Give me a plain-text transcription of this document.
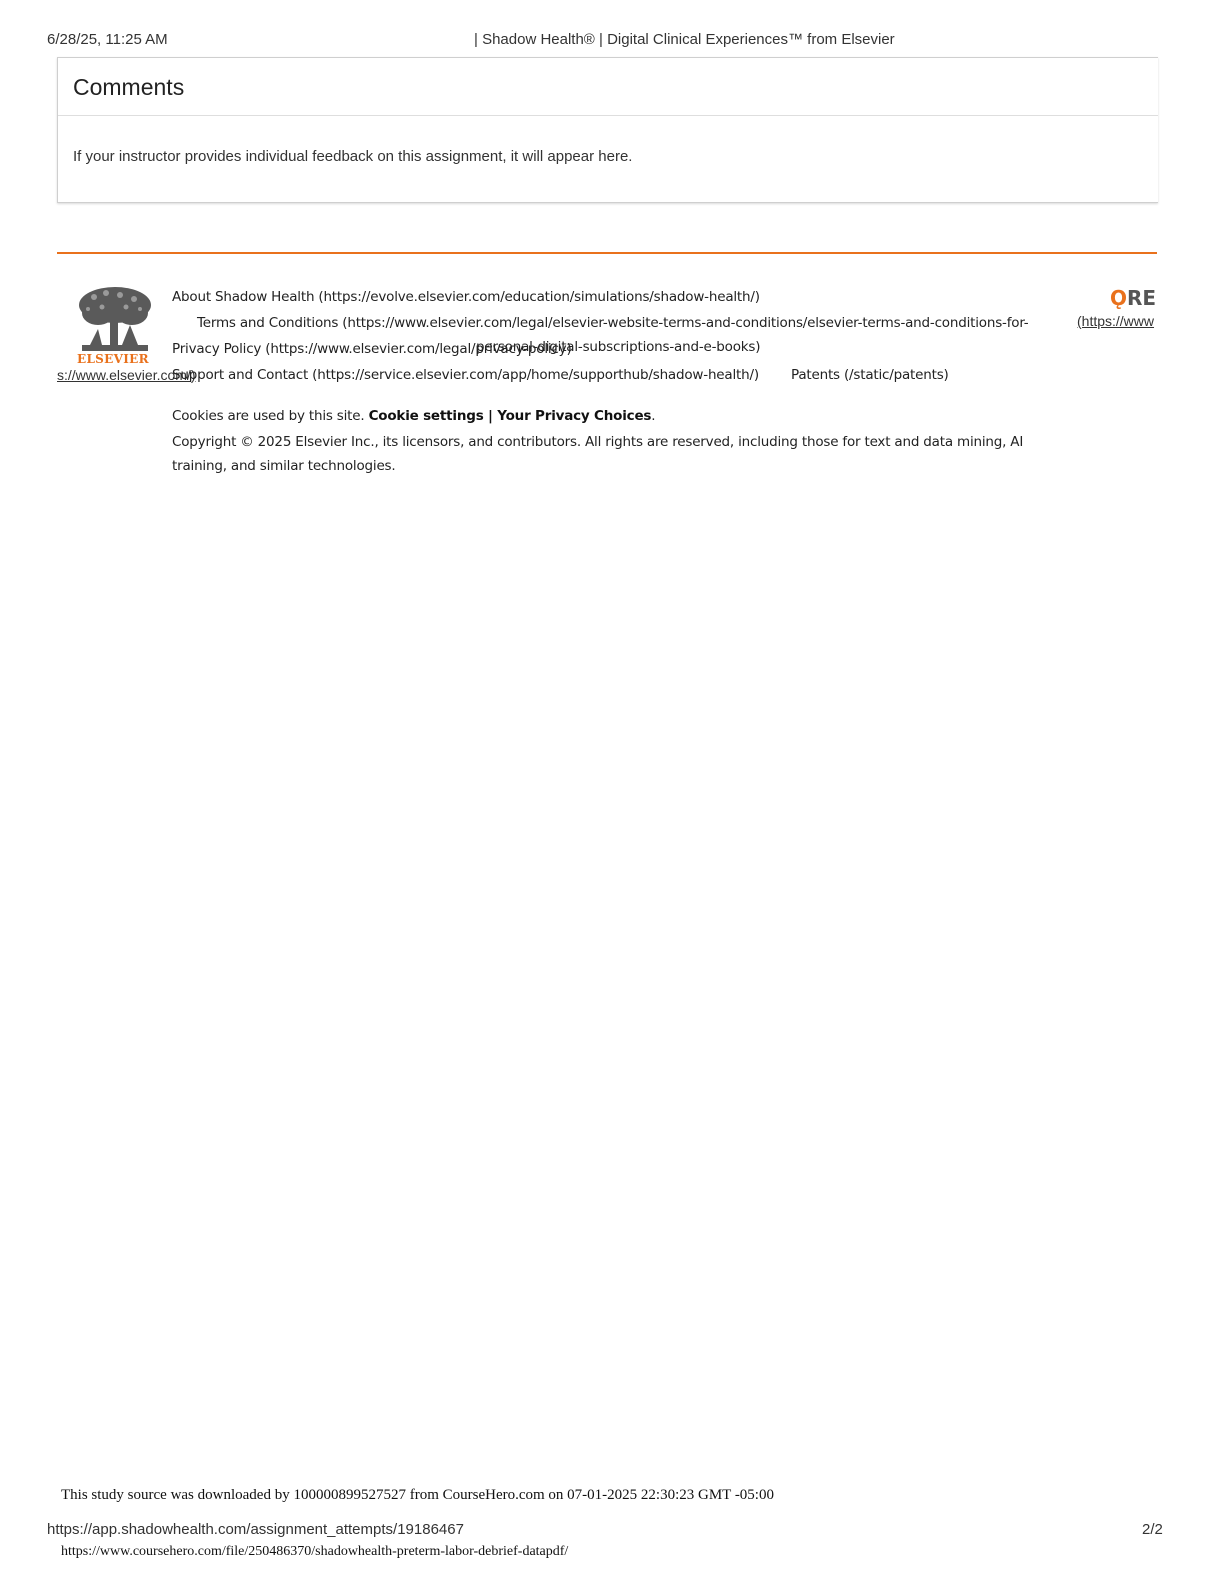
6/28/25, 11:25 AM	| Shadow Health® | Digital Clinical Experiences™ from Elsevier
Comments
If your instructor provides individual feedback on this assignment, it will appear here.
ELSEVIER
s://www.elsevier.com/)
About Shadow Health (https://evolve.elsevier.com/education/simulations/shadow-health/)
Terms and Conditions (https://www.elsevier.com/legal/elsevier-website-terms-and-conditions/elsevier-terms-and-conditions-for-
personal-digital-subscriptions-and-e-books)
Privacy Policy (https://www.elsevier.com/legal/privacy-policy)
Support and Contact (https://service.elsevier.com/app/home/supporthub/shadow-health/) Patents (/static/patents)
ǪRE
(https://www
Cookies are used by this site. Cookie settings | Your Privacy Choices.
Copyright © 2025 Elsevier Inc., its licensors, and contributors. All rights are reserved, including those for text and data mining, AI
training, and similar technologies.
This study source was downloaded by 100000899527527 from CourseHero.com on 07-01-2025 22:30:23 GMT -05:00
https://app.shadowhealth.com/assignment_attempts/19186467	2/2
https://www.coursehero.com/file/250486370/shadowhealth-preterm-labor-debrief-datapdf/
